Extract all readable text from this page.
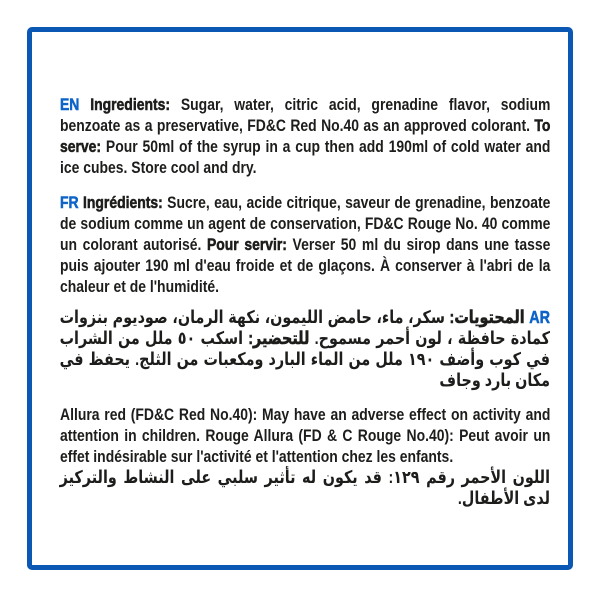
EN Ingredients: Sugar, water, citric acid, grenadine flavor, sodium benzoate as a preservative, FD&C Red No.40 as an approved colorant. To serve: Pour 50ml of the syrup in a cup then add 190ml of cold water and ice cubes. Store cool and dry.

FR Ingrédients: Sucre, eau, acide citrique, saveur de grenadine, benzoate de sodium comme un agent de conservation, FD&C Rouge No. 40 comme un colorant autorisé. Pour servir: Verser 50 ml du sirop dans une tasse puis ajouter 190 ml d'eau froide et de glaçons. À conserver à l'abri de la chaleur et de l'humidité.

AR المحتويات: سكر، ماء، حامض الليمون، نكهة الرمان، صوديوم بنزوات كمادة حافظة ، لون أحمر مسموح. للتحضير: اسكب ٥٠ ملل من الشراب في كوب وأضف ١٩٠ ملل من الماء البارد ومكعبات من الثلج. يحفظ في مكان بارد وجاف

Allura red (FD&C Red No.40): May have an adverse effect on activity and attention in children. Rouge Allura (FD & C Rouge No.40): Peut avoir un effet indésirable sur l'activité et l'attention chez les enfants.

اللون الأحمر رقم ١٢٩: قد يكون له تأثير سلبي على النشاط والتركيز لدى الأطفال.
